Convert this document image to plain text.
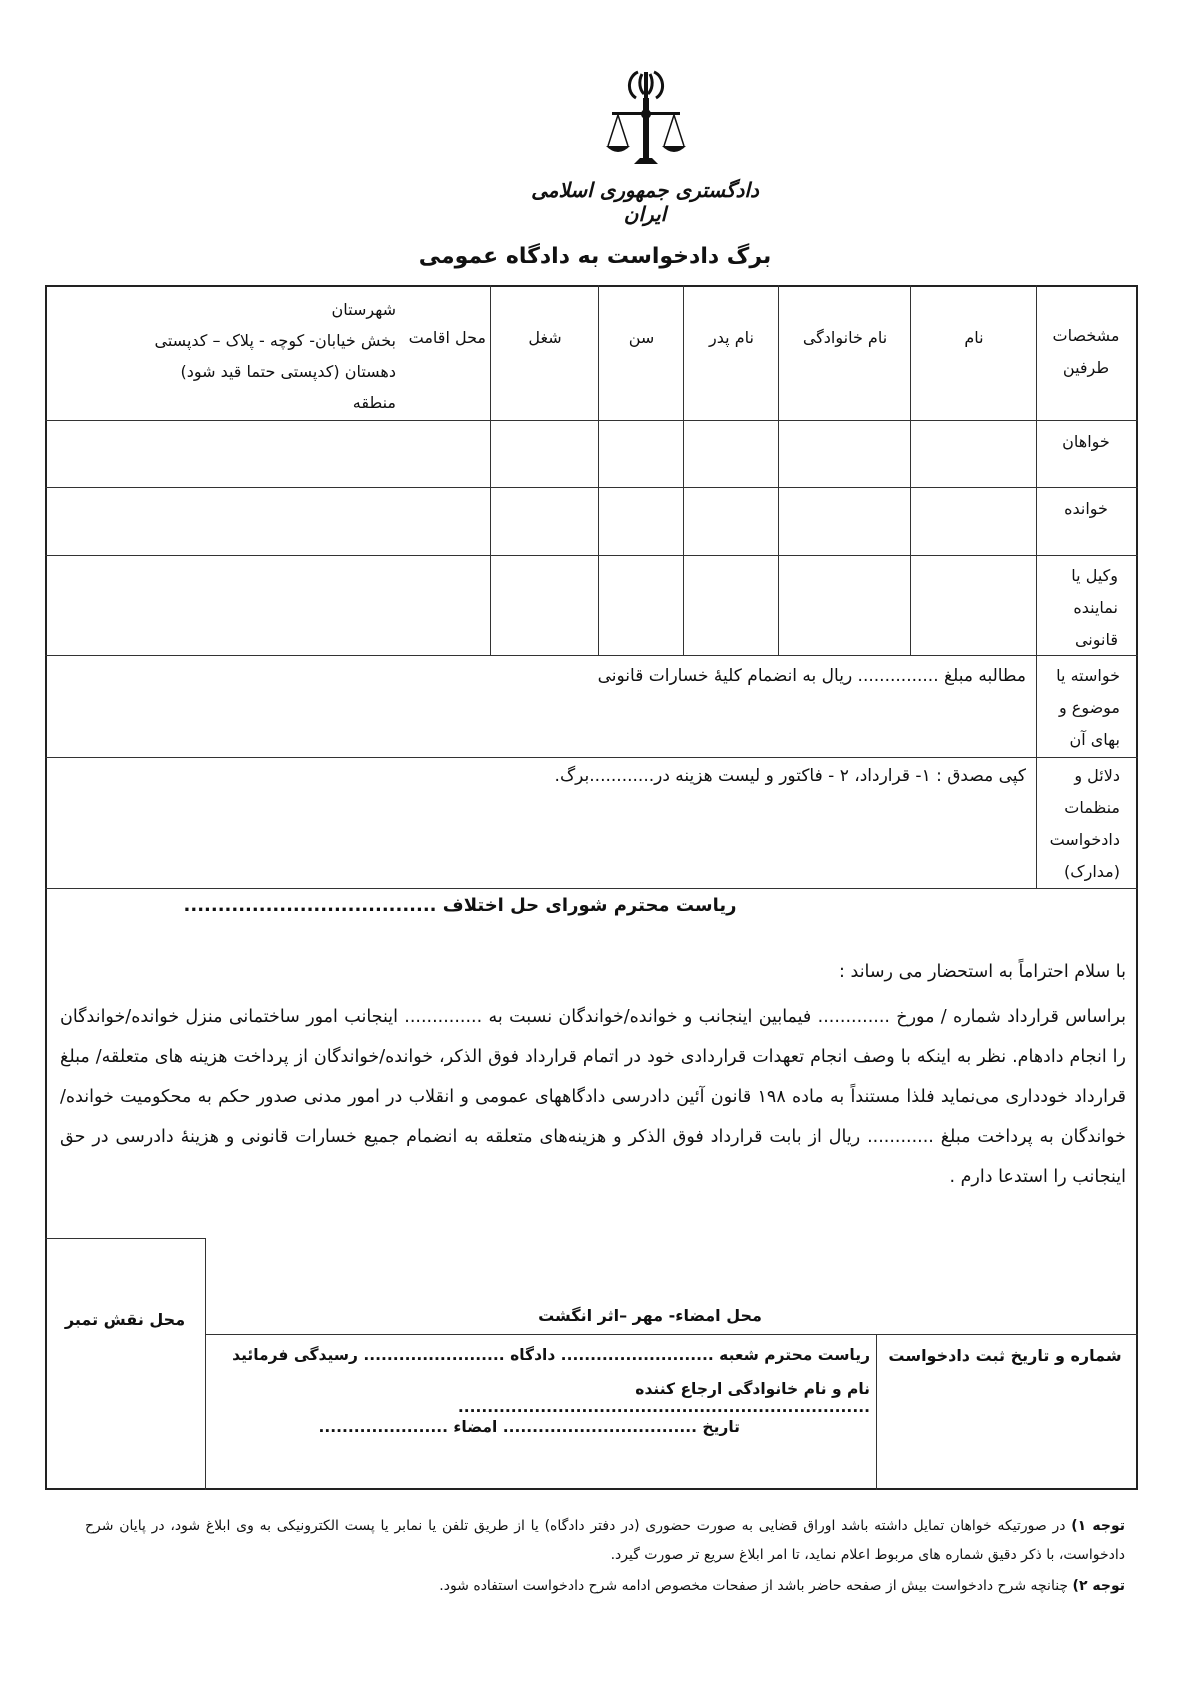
دادگستری جمهوری اسلامی ایران
برگ دادخواست به دادگاه عمومی
مشخصات طرفین
نام
نام خانوادگی
نام پدر
سن
شغل
محل اقامت
شهرستان
بخش خیابان- کوچه - پلاک – کدپستی
دهستان (کدپستی حتما قید شود)
منطقه
خواهان
خوانده
وکیل یا نماینده قانونی
خواسته یا موضوع و بهای آن
مطالبه مبلغ ............... ریال به انضمام کلیۀ خسارات قانونی
دلائل و منظمات دادخواست (مدارک)
کپی مصدق : ۱- قرارداد، ۲ - فاکتور و لیست هزینه در............برگ.
ریاست محترم شورای حل اختلاف .....................................
با سلام احتراماً به استحضار می رساند :
براساس قرارداد شماره / مورخ ............. فیمابین اینجانب و خوانده/خواندگان نسبت به .............. اینجانب امور ساختمانی منزل خوانده/خواندگان را انجام دادهام. نظر به اینکه با وصف انجام تعهدات قراردادی خود در اتمام قرارداد فوق الذکر، خوانده/خواندگان از پرداخت هزینه های متعلقه/ مبلغ قرارداد خودداری می‌نماید فلذا مستنداً به ماده ۱۹۸ قانون آئین دادرسی دادگاههای عمومی و انقلاب در امور مدنی صدور حکم به محکومیت خوانده/خواندگان به پرداخت مبلغ ............ ریال از بابت قرارداد فوق الذکر و هزینه‌های متعلقه به انضمام جمیع خسارات قانونی و هزینۀ دادرسی در حق اینجانب را استدعا دارم .
محل نقش تمبر	محل امضاء- مهر –اثر انگشت
شماره و تاریخ ثبت دادخواست
ریاست محترم شعبه .......................... دادگاه ........................ رسیدگی فرمائید
نام و نام خانوادگی ارجاع کننده ......................................................................
تاریخ ................................. امضاء ......................
توجه ۱) در صورتیکه خواهان تمایل داشته باشد اوراق قضایی به صورت حضوری (در دفتر دادگاه) یا از طریق تلفن یا نمابر یا پست الکترونیکی به وی ابلاغ شود، در پایان شرح دادخواست، با ذکر دقیق شماره های مربوط اعلام نماید، تا امر ابلاغ سریع تر صورت گیرد.
توجه ۲) چنانچه شرح دادخواست بیش از صفحه حاضر باشد از صفحات مخصوص ادامه شرح دادخواست استفاده شود.
